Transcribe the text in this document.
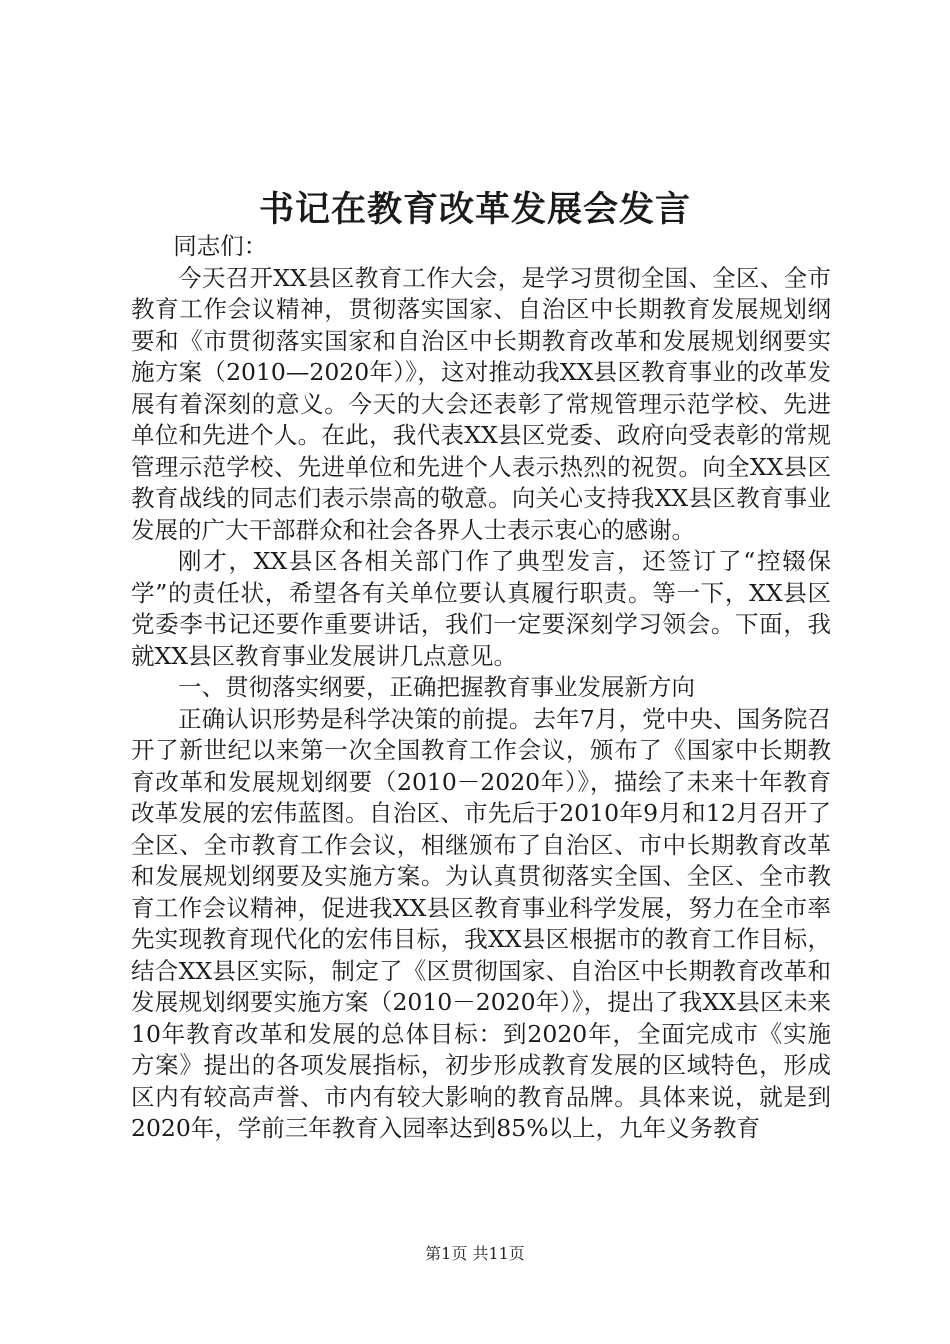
书记在教育改革发展会发言

同志们：

今天召开XX县区教育工作大会，是学习贯彻全国、全区、全市教育工作会议精神，贯彻落实国家、自治区中长期教育发展规划纲要和《市贯彻落实国家和自治区中长期教育改革和发展规划纲要实施方案（2010—2020年）》，这对推动我XX县区教育事业的改革发展有着深刻的意义。今天的大会还表彰了常规管理示范学校、先进单位和先进个人。在此，我代表XX县区党委、政府向受表彰的常规管理示范学校、先进单位和先进个人表示热烈的祝贺。向全XX县区教育战线的同志们表示崇高的敬意。向关心支持我XX县区教育事业发展的广大干部群众和社会各界人士表示衷心的感谢。

刚才，XX县区各相关部门作了典型发言，还签订了“控辍保学”的责任状，希望各有关单位要认真履行职责。等一下，XX县区党委李书记还要作重要讲话，我们一定要深刻学习领会。下面，我就XX县区教育事业发展讲几点意见。

一、贯彻落实纲要，正确把握教育事业发展新方向

正确认识形势是科学决策的前提。去年7月，党中央、国务院召开了新世纪以来第一次全国教育工作会议，颁布了《国家中长期教育改革和发展规划纲要（2010－2020年）》，描绘了未来十年教育改革发展的宏伟蓝图。自治区、市先后于2010年9月和12月召开了全区、全市教育工作会议，相继颁布了自治区、市中长期教育改革和发展规划纲要及实施方案。为认真贯彻落实全国、全区、全市教育工作会议精神，促进我XX县区教育事业科学发展，努力在全市率先实现教育现代化的宏伟目标，我XX县区根据市的教育工作目标，结合XX县区实际，制定了《区贯彻国家、自治区中长期教育改革和发展规划纲要实施方案（2010－2020年）》，提出了我XX县区未来10年教育改革和发展的总体目标：到2020年，全面完成市《实施方案》提出的各项发展指标，初步形成教育发展的区域特色，形成区内有较高声誉、市内有较大影响的教育品牌。具体来说，就是到2020年，学前三年教育入园率达到85%以上，九年义务教育

第1页 共11页
